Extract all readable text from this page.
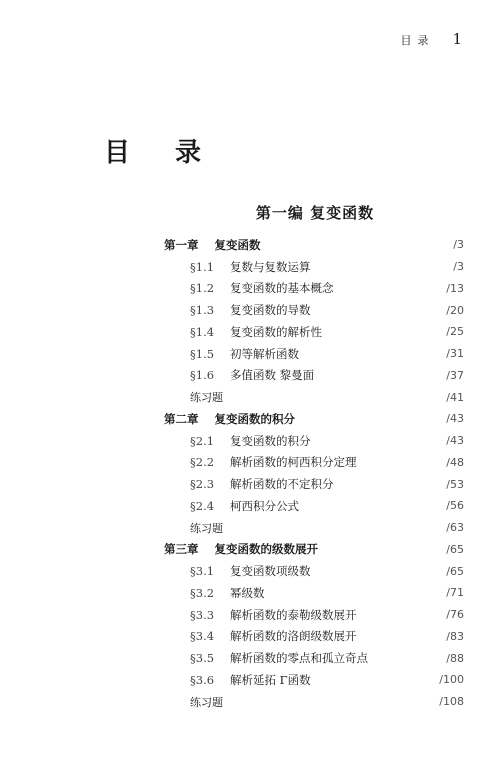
目录 1
目 录
第一编 复变函数
第一章 复变函数	/3
§1.1	复数与复数运算	/3
§1.2	复变函数的基本概念	/13
§1.3	复变函数的导数	/20
§1.4	复变函数的解析性	/25
§1.5	初等解析函数	/31
§1.6	多值函数 黎曼面	/37
练习题	/41
第二章 复变函数的积分	/43
§2.1	复变函数的积分	/43
§2.2	解析函数的柯西积分定理	/48
§2.3	解析函数的不定积分	/53
§2.4	柯西积分公式	/56
练习题	/63
第三章 复变函数的级数展开	/65
§3.1	复变函数项级数	/65
§3.2	幂级数	/71
§3.3	解析函数的泰勒级数展开	/76
§3.4	解析函数的洛朗级数展开	/83
§3.5	解析函数的零点和孤立奇点	/88
§3.6	解析延拓 Γ函数	/100
练习题	/108
